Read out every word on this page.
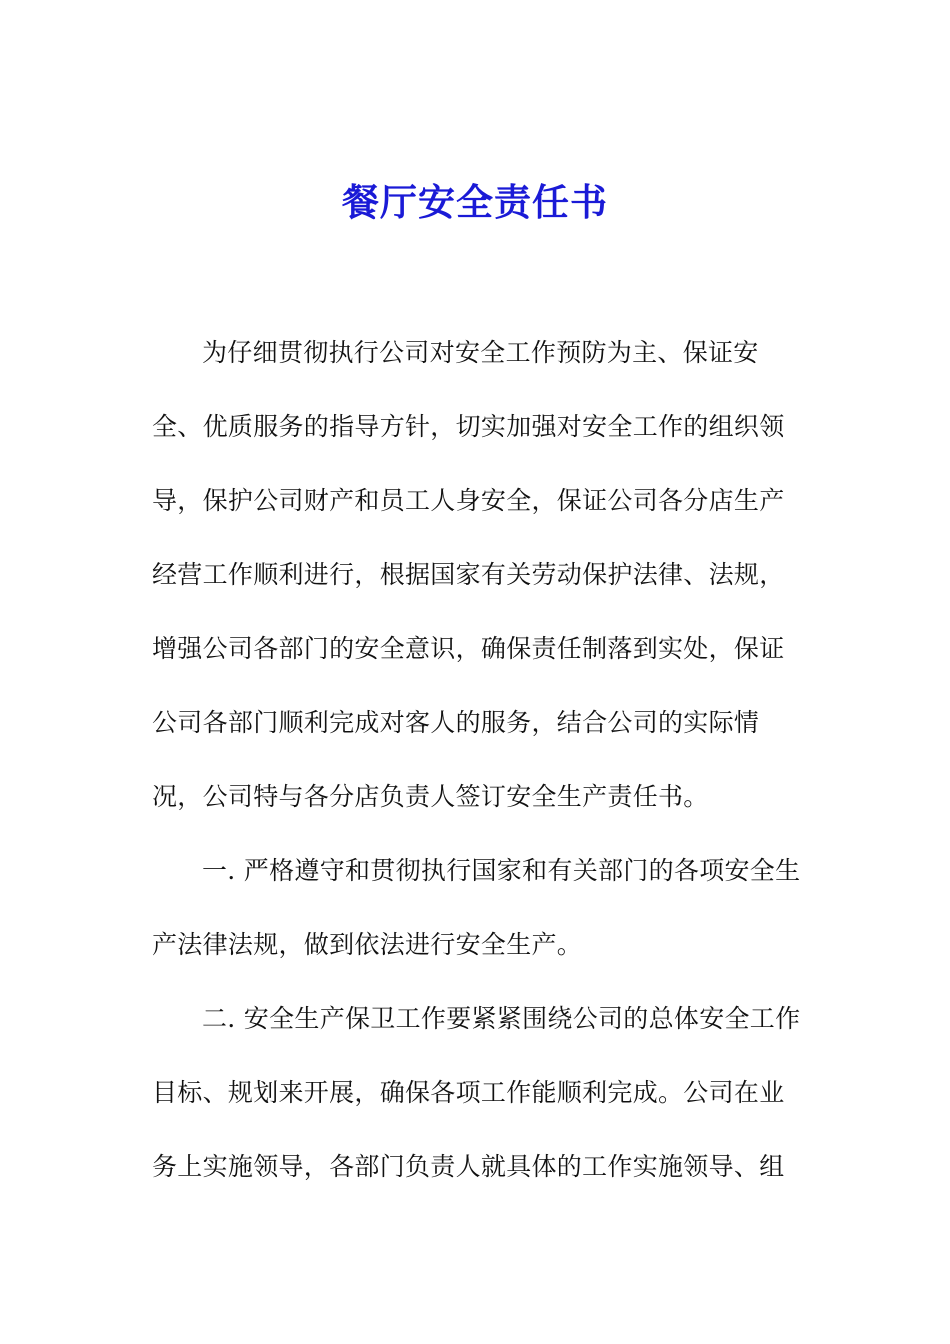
餐厅安全责任书
为仔细贯彻执行公司对安全工作预防为主、保证安
全、优质服务的指导方针，切实加强对安全工作的组织领
导，保护公司财产和员工人身安全，保证公司各分店生产
经营工作顺利进行，根据国家有关劳动保护法律、法规，
增强公司各部门的安全意识，确保责任制落到实处，保证
公司各部门顺利完成对客人的服务，结合公司的实际情
况，公司特与各分店负责人签订安全生产责任书。
一. 严格遵守和贯彻执行国家和有关部门的各项安全生
产法律法规，做到依法进行安全生产。
二. 安全生产保卫工作要紧紧围绕公司的总体安全工作
目标、规划来开展，确保各项工作能顺利完成。公司在业
务上实施领导，各部门负责人就具体的工作实施领导、组
